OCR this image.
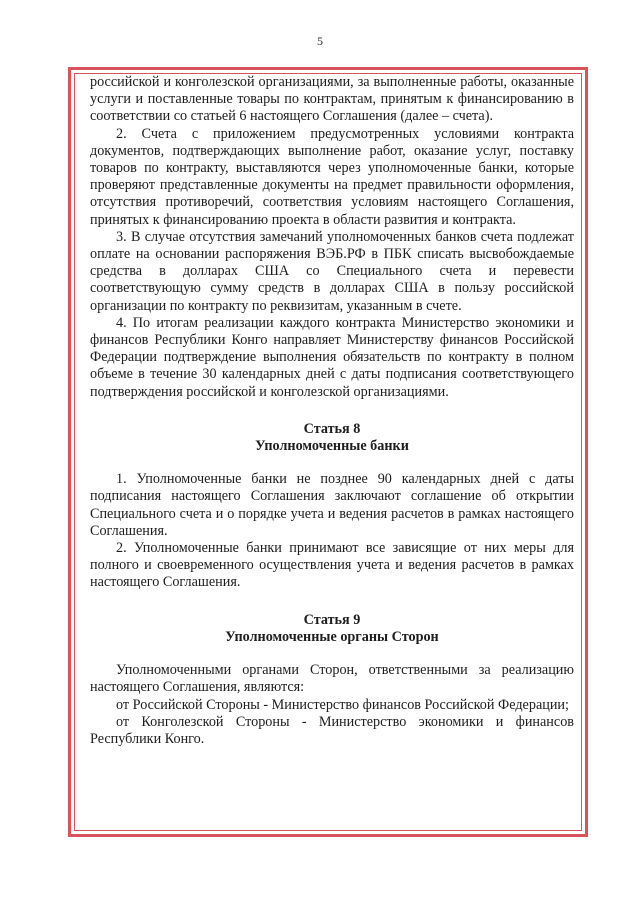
5

российской и конголезской организациями, за выполненные работы, оказанные услуги и поставленные товары по контрактам, принятым к финансированию в соответствии со статьей 6 настоящего Соглашения (далее – счета).

2. Счета с приложением предусмотренных условиями контракта документов, подтверждающих выполнение работ, оказание услуг, поставку товаров по контракту, выставляются через уполномоченные банки, которые проверяют представленные документы на предмет правильности оформления, отсутствия противоречий, соответствия условиям настоящего Соглашения, принятых к финансированию проекта в области развития и контракта.

3. В случае отсутствия замечаний уполномоченных банков счета подлежат оплате на основании распоряжения ВЭБ.РФ в ПБК списать высвобождаемые средства в долларах США со Специального счета и перевести соответствующую сумму средств в долларах США в пользу российской организации по контракту по реквизитам, указанным в счете.

4. По итогам реализации каждого контракта Министерство экономики и финансов Республики Конго направляет Министерству финансов Российской Федерации подтверждение выполнения обязательств по контракту в полном объеме в течение 30 календарных дней с даты подписания соответствующего подтверждения российской и конголезской организациями.

Статья 8

Уполномоченные банки

1. Уполномоченные банки не позднее 90 календарных дней с даты подписания настоящего Соглашения заключают соглашение об открытии Специального счета и о порядке учета и ведения расчетов в рамках настоящего Соглашения.

2. Уполномоченные банки принимают все зависящие от них меры для полного и своевременного осуществления учета и ведения расчетов в рамках настоящего Соглашения.

Статья 9

Уполномоченные органы Сторон

Уполномоченными органами Сторон, ответственными за реализацию настоящего Соглашения, являются:

от Российской Стороны - Министерство финансов Российской Федерации;

от Конголезской Стороны - Министерство экономики и финансов Республики Конго.
